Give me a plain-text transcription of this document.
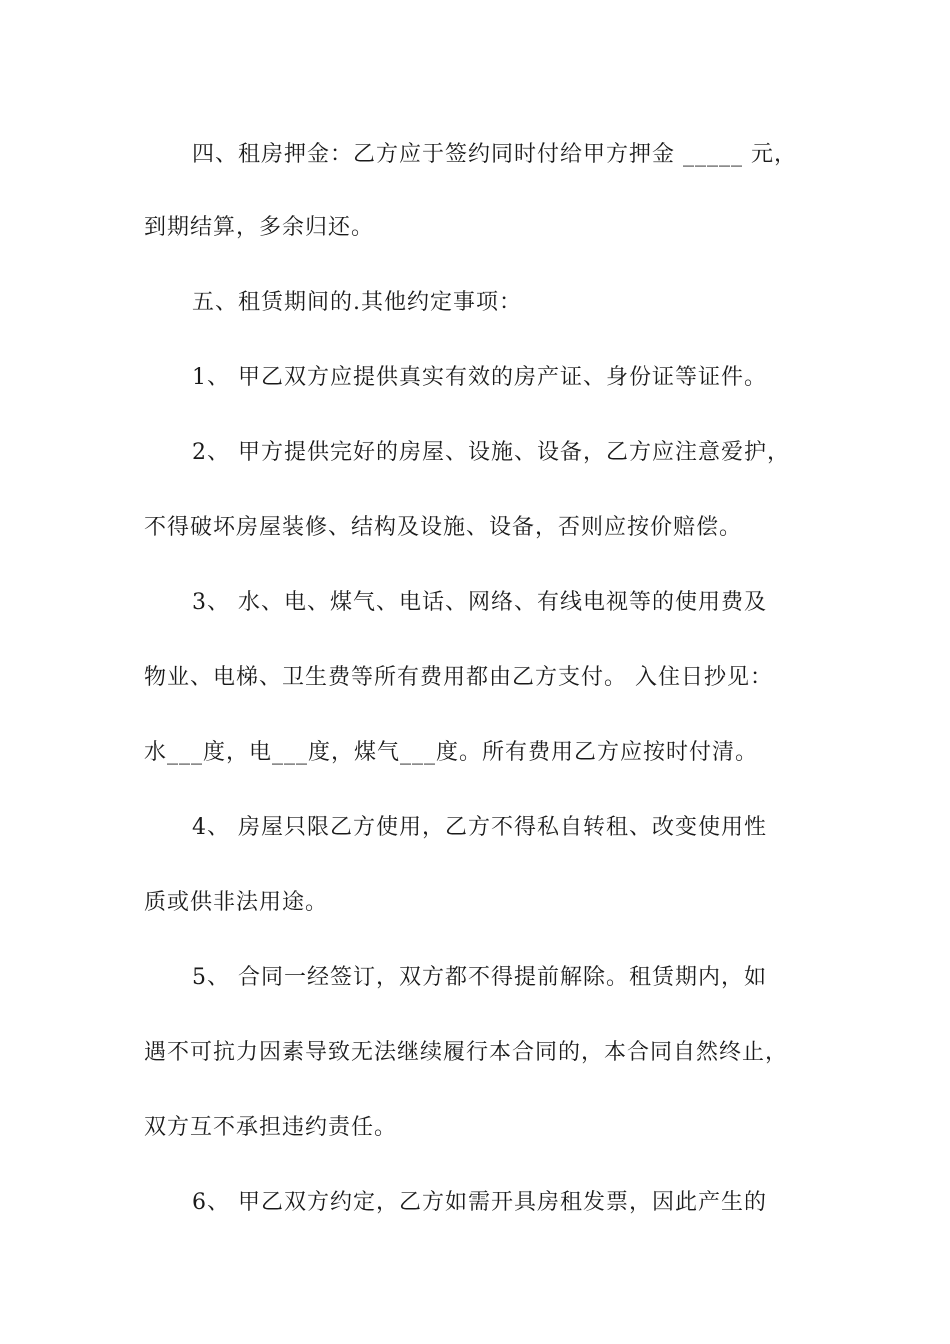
四、租房押金：乙方应于签约同时付给甲方押金 _____ 元，
到期结算，多余归还。
五、租赁期间的.其他约定事项：
1、 甲乙双方应提供真实有效的房产证、身份证等证件。
2、 甲方提供完好的房屋、设施、设备，乙方应注意爱护，
不得破坏房屋装修、结构及设施、设备，否则应按价赔偿。
3、 水、电、煤气、电话、网络、有线电视等的使用费及
物业、电梯、卫生费等所有费用都由乙方支付。 入住日抄见：
水___度，电___度，煤气___度。所有费用乙方应按时付清。
4、 房屋只限乙方使用，乙方不得私自转租、改变使用性
质或供非法用途。
5、 合同一经签订，双方都不得提前解除。租赁期内，如
遇不可抗力因素导致无法继续履行本合同的，本合同自然终止，
双方互不承担违约责任。
6、 甲乙双方约定，乙方如需开具房租发票，因此产生的
